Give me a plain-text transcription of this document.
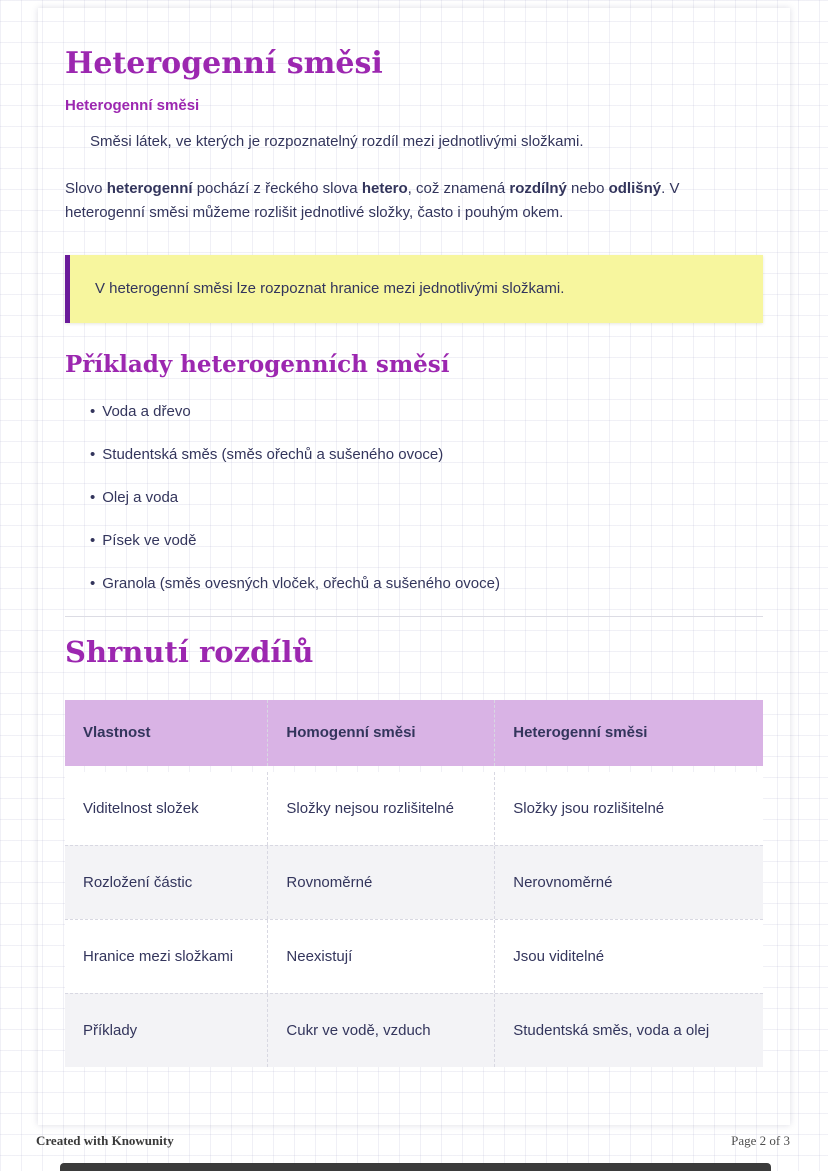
Heterogenní směsi
Heterogenní směsi
Směsi látek, ve kterých je rozpoznatelný rozdíl mezi jednotlivými složkami.

Slovo heterogenní pochází z řeckého slova hetero, což znamená rozdílný nebo odlišný. V heterogenní směsi můžeme rozlišit jednotlivé složky, často i pouhým okem.

V heterogenní směsi lze rozpoznat hranice mezi jednotlivými složkami.
Příklady heterogenních směsí
• Voda a dřevo
• Studentská směs (směs ořechů a sušeného ovoce)
• Olej a voda
• Písek ve vodě
• Granola (směs ovesných vloček, ořechů a sušeného ovoce)
Shrnutí rozdílů
Vlastnost	Homogenní směsi	Heterogenní směsi
Viditelnost složek	Složky nejsou rozlišitelné	Složky jsou rozlišitelné
Rozložení částic	Rovnoměrné	Nerovnoměrné
Hranice mezi složkami	Neexistují	Jsou viditelné
Příklady	Cukr ve vodě, vzduch	Studentská směs, voda a olej
Created with Knowunity	Page 2 of 3
